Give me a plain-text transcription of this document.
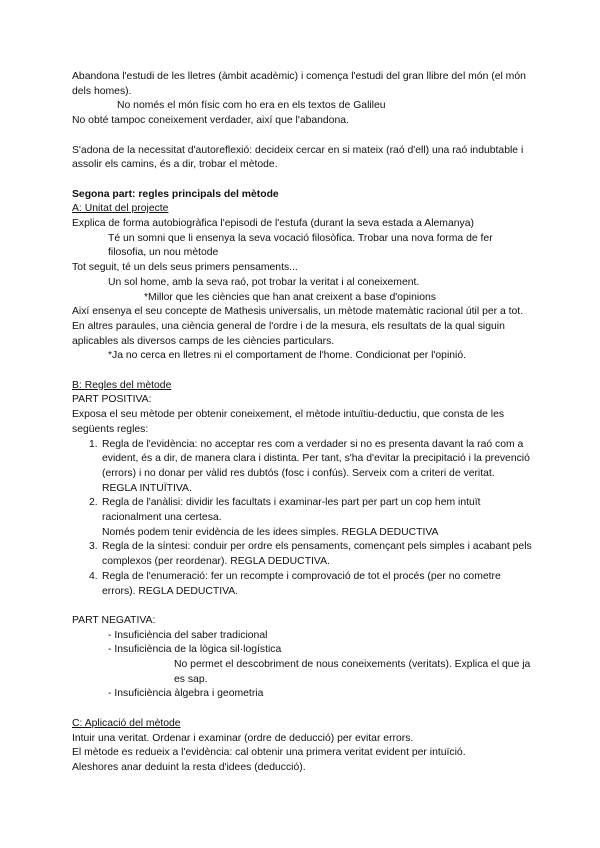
Abandona l'estudi de les lletres (àmbit acadèmic) i comença l'estudi del gran llibre del món (el món dels homes).

No només el món físic com ho era en els textos de Galileu

No obté tampoc coneixement verdader, així que l'abandona.

S'adona de la necessitat d'autoreflexió: decideix cercar en si mateix (raó d'ell) una raó indubtable i assolir els camins, és a dir, trobar el mètode.

Segona part: regles principals del mètode

A: Unitat del projecte

Explica de forma autobiogràfica l'episodi de l'estufa (durant la seva estada a Alemanya)

Té un somni que li ensenya la seva vocació filosòfica. Trobar una nova forma de fer filosofia, un nou mètode

Tot seguit, té un dels seus primers pensaments...

Un sol home, amb la seva raó, pot trobar la veritat i al coneixement.

*Millor que les ciències que han anat creixent a base d'opinions

Així ensenya el seu concepte de Mathesis universalis, un mètode matemàtic racional útil per a tot. En altres paraules, una ciència general de l'ordre i de la mesura, els resultats de la qual siguin aplicables als diversos camps de les ciències particulars.

*Ja no cerca en lletres ni el comportament de l'home. Condicionat per l'opinió.

B: Regles del mètode

PART POSITIVA:

Exposa el seu mètode per obtenir coneixement, el mètode intuïtiu-deductiu, que consta de les següents regles:

1. Regla de l'evidència: no acceptar res com a verdader si no es presenta davant la raó com a evident, és a dir, de manera clara i distinta. Per tant, s'ha d'evitar la precipitació i la prevenció (errors) i no donar per vàlid res dubtós (fosc i confús). Serveix com a criteri de veritat. REGLA INTUÏTIVA.
2. Regla de l'anàlisi: dividir les facultats i examinar-les part per part un cop hem intuït racionalment una certesa.
Només podem tenir evidència de les idees simples. REGLA DEDUCTIVA
3. Regla de la síntesi: conduir per ordre els pensaments, començant pels simples i acabant pels complexos (per reordenar). REGLA DEDUCTIVA.
4. Regla de l'enumeració: fer un recompte i comprovació de tot el procés (per no cometre errors). REGLA DEDUCTIVA.

PART NEGATIVA:

- Insuficiència del saber tradicional

- Insuficiència de la lògica sil·logística

No permet el descobriment de nous coneixements (veritats). Explica el que ja es sap.

- Insuficiència àlgebra i geometria

C: Aplicació del mètode

Intuir una veritat. Ordenar i examinar (ordre de deducció) per evitar errors.

El mètode es redueix a l'evidència: cal obtenir una primera veritat evident per intuïció.

Aleshores anar deduint la resta d'idees (deducció).
